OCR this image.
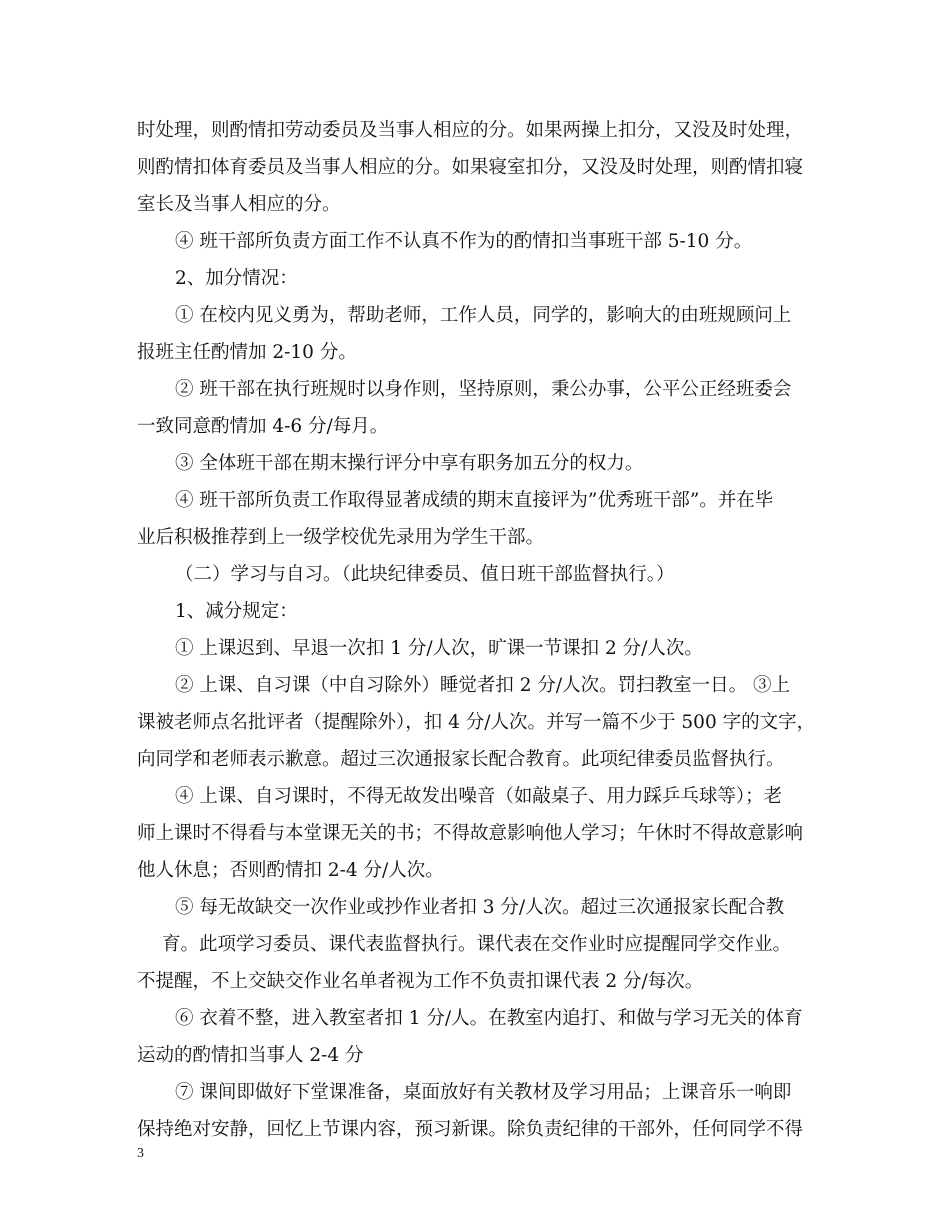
时处理，则酌情扣劳动委员及当事人相应的分。如果两操上扣分，又没及时处理，
则酌情扣体育委员及当事人相应的分。如果寝室扣分，又没及时处理，则酌情扣寝
室长及当事人相应的分。
④ 班干部所负责方面工作不认真不作为的酌情扣当事班干部 5-10 分。
2、加分情况：
① 在校内见义勇为，帮助老师，工作人员，同学的，影响大的由班规顾问上
报班主任酌情加 2-10 分。
② 班干部在执行班规时以身作则，坚持原则，秉公办事，公平公正经班委会
一致同意酌情加 4-6 分/每月。
③ 全体班干部在期末操行评分中享有职务加五分的权力。
④ 班干部所负责工作取得显著成绩的期末直接评为”优秀班干部”。并在毕
业后积极推荐到上一级学校优先录用为学生干部。
（二）学习与自习。（此块纪律委员、值日班干部监督执行。）
1、减分规定：
① 上课迟到、早退一次扣 1 分/人次，旷课一节课扣 2 分/人次。
② 上课、自习课（中自习除外）睡觉者扣 2 分/人次。罚扫教室一日。 ③上
课被老师点名批评者（提醒除外），扣 4 分/人次。并写一篇不少于 500 字的文字，
向同学和老师表示歉意。超过三次通报家长配合教育。此项纪律委员监督执行。
④ 上课、自习课时，不得无故发出噪音（如敲桌子、用力踩乒乓球等）；老
师上课时不得看与本堂课无关的书；不得故意影响他人学习；午休时不得故意影响
他人休息；否则酌情扣 2-4 分/人次。
⑤ 每无故缺交一次作业或抄作业者扣 3 分/人次。超过三次通报家长配合教
育。此项学习委员、课代表监督执行。课代表在交作业时应提醒同学交作业。
不提醒，不上交缺交作业名单者视为工作不负责扣课代表 2 分/每次。
⑥ 衣着不整，进入教室者扣 1 分/人。在教室内追打、和做与学习无关的体育
运动的酌情扣当事人 2-4 分
⑦ 课间即做好下堂课准备，桌面放好有关教材及学习用品；上课音乐一响即
保持绝对安静，回忆上节课内容，预习新课。除负责纪律的干部外，任何同学不得
3
